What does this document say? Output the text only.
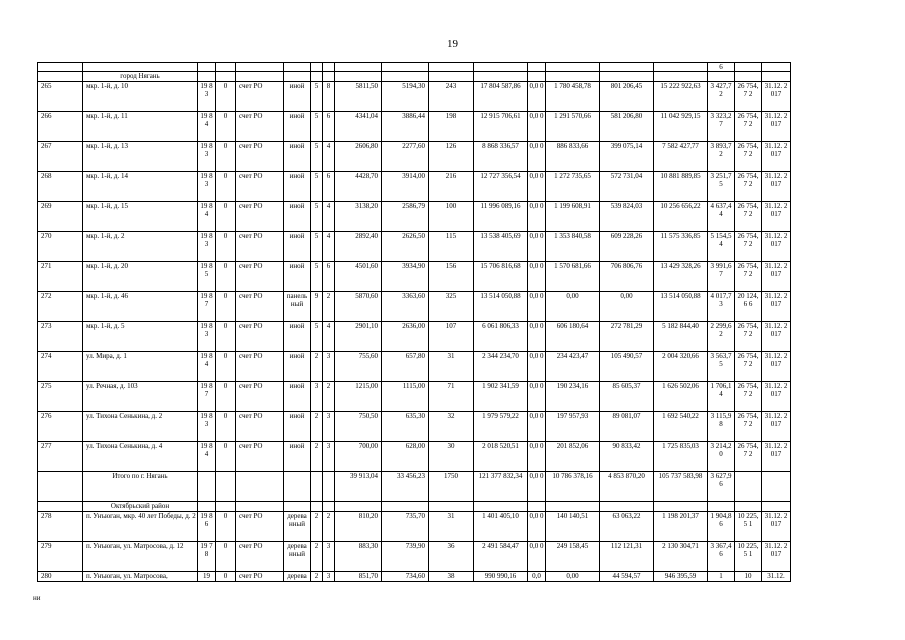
19
																6		
	город Нягань																	
265	мкр. 1-й, д. 10	19 83	0	счет РО	иной	5	8	5811,50	5194,30	243	17 804 587,86	0,0 0	1 780 458,78	801 206,45	15 222 922,63	3 427,7 2	26 754,7 2	31.12. 2017
266	мкр. 1-й, д. 11	19 84	0	счет РО	иной	5	6	4341,04	3886,44	198	12 915 706,61	0,0 0	1 291 570,66	581 206,80	11 042 929,15	3 323,2 7	26 754,7 2	31.12. 2017
267	мкр. 1-й, д. 13	19 83	0	счет РО	иной	5	4	2606,80	2277,60	126	8 868 336,57	0,0 0	886 833,66	399 075,14	7 582 427,77	3 893,7 2	26 754,7 2	31.12. 2017
268	мкр. 1-й, д. 14	19 83	0	счет РО	иной	5	6	4428,70	3914,00	216	12 727 356,54	0,0 0	1 272 735,65	572 731,04	10 881 889,85	3 251,7 5	26 754,7 2	31.12. 2017
269	мкр. 1-й, д. 15	19 84	0	счет РО	иной	5	4	3138,20	2586,79	100	11 996 089,16	0,0 0	1 199 608,91	539 824,03	10 256 656,22	4 637,4 4	26 754,7 2	31.12. 2017
270	мкр. 1-й, д. 2	19 83	0	счет РО	иной	5	4	2892,40	2626,50	115	13 538 405,69	0,0 0	1 353 840,58	609 228,26	11 575 336,85	5 154,5 4	26 754,7 2	31.12. 2017
271	мкр. 1-й, д. 20	19 85	0	счет РО	иной	5	6	4501,60	3934,90	156	15 706 816,68	0,0 0	1 570 681,66	706 806,76	13 429 328,26	3 991,6 7	26 754,7 2	31.12. 2017
272	мкр. 1-й, д. 46	19 87	0	счет РО	панель ный	9	2	5870,60	3363,60	325	13 514 050,88	0,0 0	0,00	0,00	13 514 050,88	4 017,7 3	20 124,6 6	31.12. 2017
273	мкр. 1-й, д. 5	19 83	0	счет РО	иной	5	4	2901,10	2636,00	107	6 061 806,33	0,0 0	606 180,64	272 781,29	5 182 844,40	2 299,6 2	26 754,7 2	31.12. 2017
274	ул. Мира, д. 1	19 84	0	счет РО	иной	2	3	755,60	657,80	31	2 344 234,70	0,0 0	234 423,47	105 490,57	2 004 320,66	3 563,7 5	26 754,7 2	31.12. 2017
275	ул. Речная, д. 103	19 87	0	счет РО	иной	3	2	1215,00	1115,00	71	1 902 341,59	0,0 0	190 234,16	85 605,37	1 626 502,06	1 706,1 4	26 754,7 2	31.12. 2017
276	ул. Тихона Сенькина, д. 2	19 83	0	счет РО	иной	2	3	750,50	635,30	32	1 979 579,22	0,0 0	197 957,93	89 081,07	1 692 540,22	3 115,9 8	26 754,7 2	31.12. 2017
277	ул. Тихона Сенькина, д. 4	19 84	0	счет РО	иной	2	3	700,00	628,00	30	2 018 520,51	0,0 0	201 852,06	90 833,42	1 725 835,03	3 214,2 0	26 754,7 2	31.12. 2017
	Итого по г. Нягань							39 913,04	33 456,23	1750	121 377 832,34	0,0 0	10 786 378,16	4 853 870,20	105 737 583,98	3 627,9 6		
	Октябрьский район																	
278	п. Унъюган, мкр. 40 лет Победы, д. 2	19 86	0	счет РО	дерева нный	2	2	810,20	735,70	31	1 401 405,10	0,0 0	140 140,51	63 063,22	1 198 201,37	1 904,8 6	10 225,5 1	31.12. 2017
279	п. Унъюган, ул. Матросова, д. 12	19 78	0	счет РО	дерева нный	2	3	883,30	739,90	36	2 491 584,47	0,0 0	249 158,45	112 121,31	2 130 304,71	3 367,4 6	10 225,5 1	31.12. 2017
280	п. Унъюган, ул. Матросова,	19	0	счет РО	дерева	2	3	851,70	734,60	38	990 990,16	0,0	0,00	44 594,57	946 395,59	1	10	31.12.
ни
